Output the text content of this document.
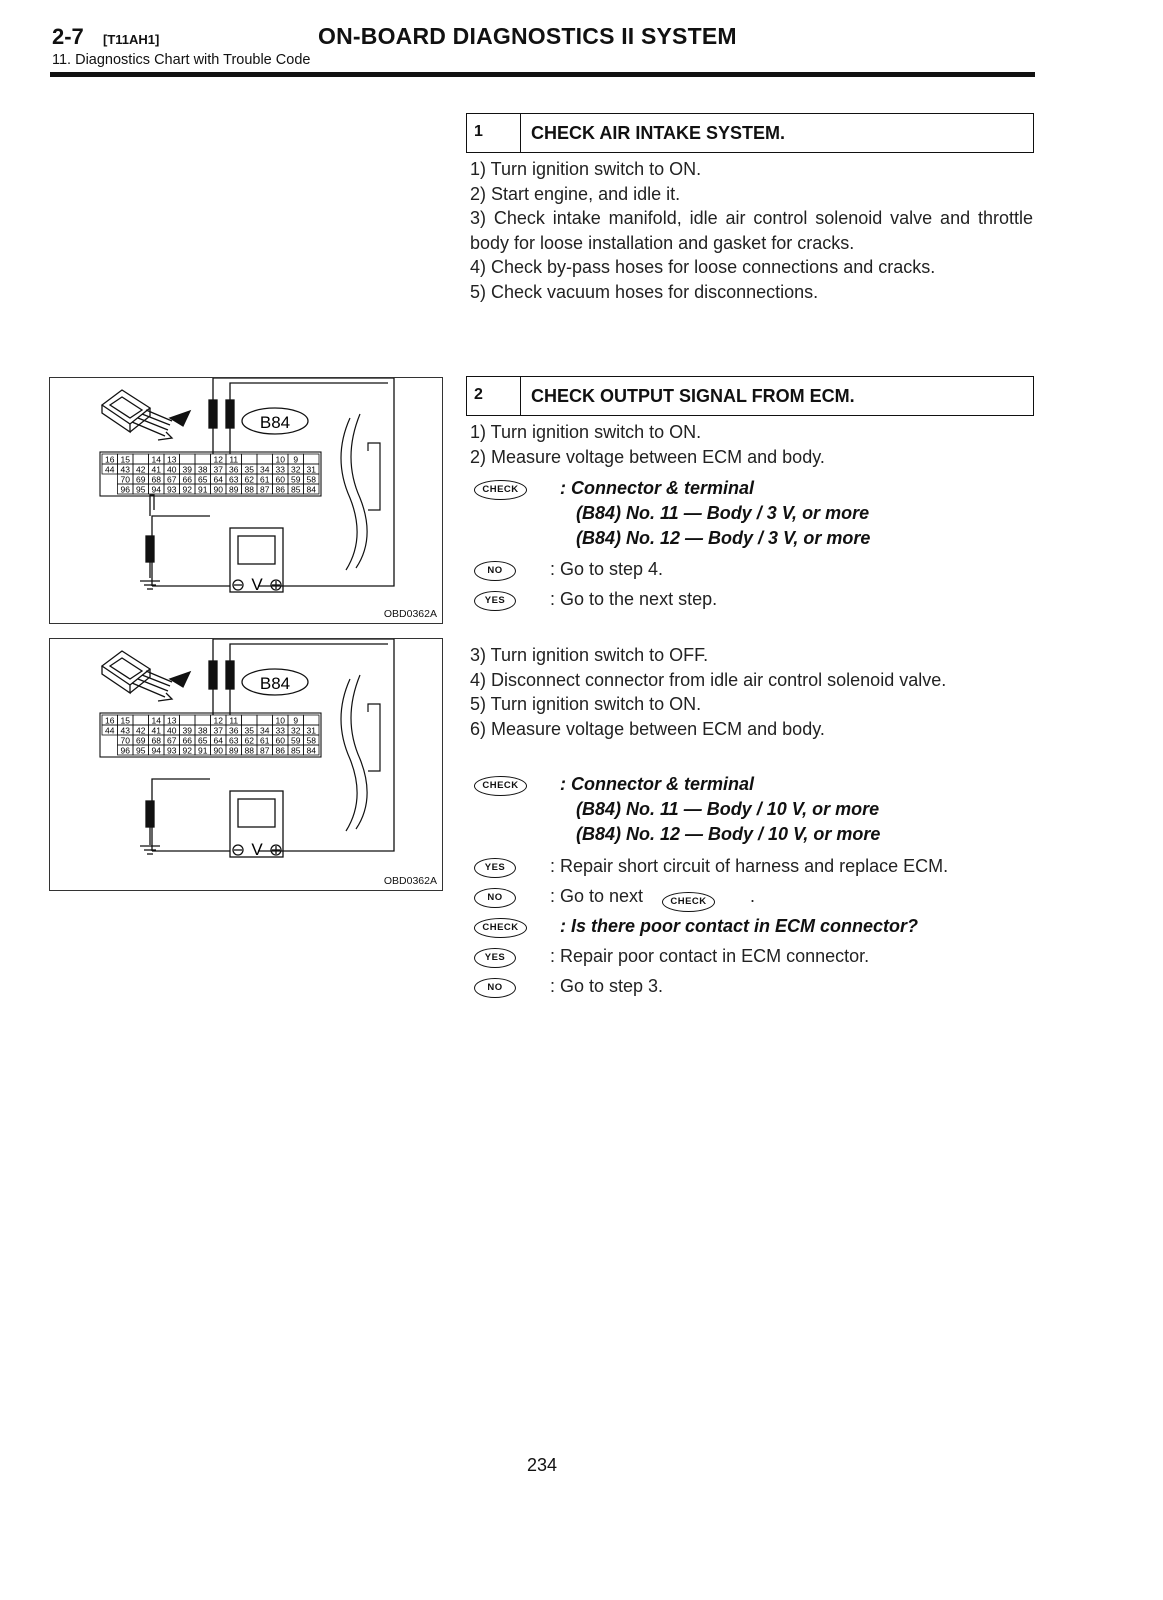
2-7 [T11AH1]	ON-BOARD DIAGNOSTICS II SYSTEM
11. Diagnostics Chart with Trouble Code
1	CHECK AIR INTAKE SYSTEM.

1) Turn ignition switch to ON.

2) Start engine, and idle it.

3) Check intake manifold, idle air control solenoid valve and throttle body for loose installation and gasket for cracks.

4) Check by-pass hoses for loose connections and cracks.

5) Check vacuum hoses for disconnections.

2	CHECK OUTPUT SIGNAL FROM ECM.

1) Turn ignition switch to ON.

2) Measure voltage between ECM and body.

CHECK	: Connector & terminal
(B84) No. 11 — Body / 3 V, or more
(B84) No. 12 — Body / 3 V, or more
NO	: Go to step 4.
YES	: Go to the next step.

3) Turn ignition switch to OFF.

4) Disconnect connector from idle air control solenoid valve.

5) Turn ignition switch to ON.

6) Measure voltage between ECM and body.

CHECK	: Connector & terminal
(B84) No. 11 — Body / 10 V, or more
(B84) No. 12 — Body / 10 V, or more
YES	: Repair short circuit of harness and replace ECM.
NO	: Go to next	CHECK	.
CHECK	: Is there poor contact in ECM connector?
YES	: Repair poor contact in ECM connector.
NO	: Go to step 3.
B84
16 15	14 13	12 11	10 9
44 43 42 41 40 39 38 37 36 35 34 33 32 31
70 69 68 67 66 65 64 63 62 61 60 59 58
96 95 94 93 92 91 90 89 88 87 86 85 84
V
OBD0362A
B84
16 15	14 13	12 11	10 9
44 43 42 41 40 39 38 37 36 35 34 33 32 31
70 69 68 67 66 65 64 63 62 61 60 59 58
96 95 94 93 92 91 90 89 88 87 86 85 84
V
OBD0362A
234
